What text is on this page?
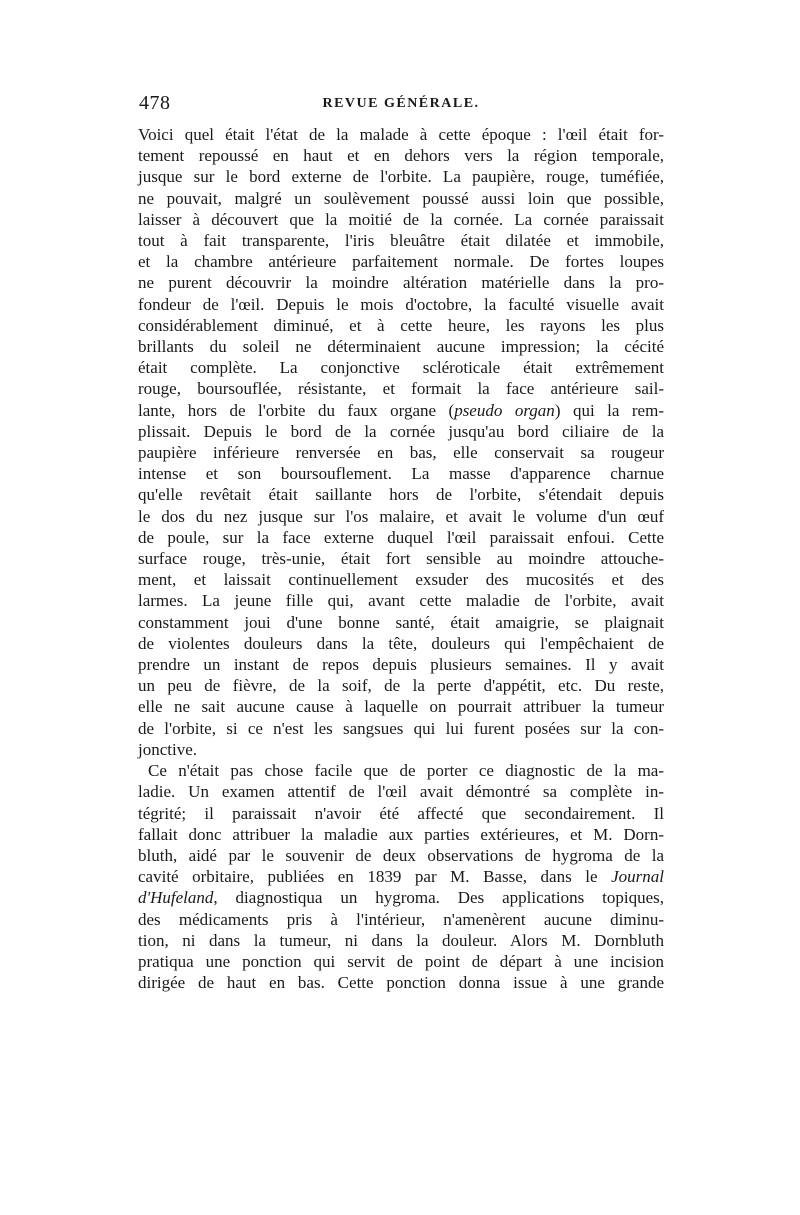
478	REVUE GÉNÉRALE.

Voici quel était l'état de la malade à cette époque : l'œil était for-
tement repoussé en haut et en dehors vers la région temporale,
jusque sur le bord externe de l'orbite. La paupière, rouge, tuméfiée,
ne pouvait, malgré un soulèvement poussé aussi loin que possible,
laisser à découvert que la moitié de la cornée. La cornée paraissait
tout à fait transparente, l'iris bleuâtre était dilatée et immobile,
et la chambre antérieure parfaitement normale. De fortes loupes
ne purent découvrir la moindre altération matérielle dans la pro-
fondeur de l'œil. Depuis le mois d'octobre, la faculté visuelle avait
considérablement diminué, et à cette heure, les rayons les plus
brillants du soleil ne déterminaient aucune impression; la cécité
était complète. La conjonctive scléroticale était extrêmement
rouge, boursouflée, résistante, et formait la face antérieure sail-
lante, hors de l'orbite du faux organe (pseudo organ) qui la rem-
plissait. Depuis le bord de la cornée jusqu'au bord ciliaire de la
paupière inférieure renversée en bas, elle conservait sa rougeur
intense et son boursouflement. La masse d'apparence charnue
qu'elle revêtait était saillante hors de l'orbite, s'étendait depuis
le dos du nez jusque sur l'os malaire, et avait le volume d'un œuf
de poule, sur la face externe duquel l'œil paraissait enfoui. Cette
surface rouge, très-unie, était fort sensible au moindre attouche-
ment, et laissait continuellement exsuder des mucosités et des
larmes. La jeune fille qui, avant cette maladie de l'orbite, avait
constamment joui d'une bonne santé, était amaigrie, se plaignait
de violentes douleurs dans la tête, douleurs qui l'empêchaient de
prendre un instant de repos depuis plusieurs semaines. Il y avait
un peu de fièvre, de la soif, de la perte d'appétit, etc. Du reste,
elle ne sait aucune cause à laquelle on pourrait attribuer la tumeur
de l'orbite, si ce n'est les sangsues qui lui furent posées sur la con-
jonctive.

Ce n'était pas chose facile que de porter ce diagnostic de la ma-
ladie. Un examen attentif de l'œil avait démontré sa complète in-
tégrité; il paraissait n'avoir été affecté que secondairement. Il
fallait donc attribuer la maladie aux parties extérieures, et M. Dorn-
bluth, aidé par le souvenir de deux observations de hygroma de la
cavité orbitaire, publiées en 1839 par M. Basse, dans le Journal
d'Hufeland, diagnostiqua un hygroma. Des applications topiques,
des médicaments pris à l'intérieur, n'amenèrent aucune diminu-
tion, ni dans la tumeur, ni dans la douleur. Alors M. Dornbluth
pratiqua une ponction qui servit de point de départ à une incision
dirigée de haut en bas. Cette ponction donna issue à une grande
